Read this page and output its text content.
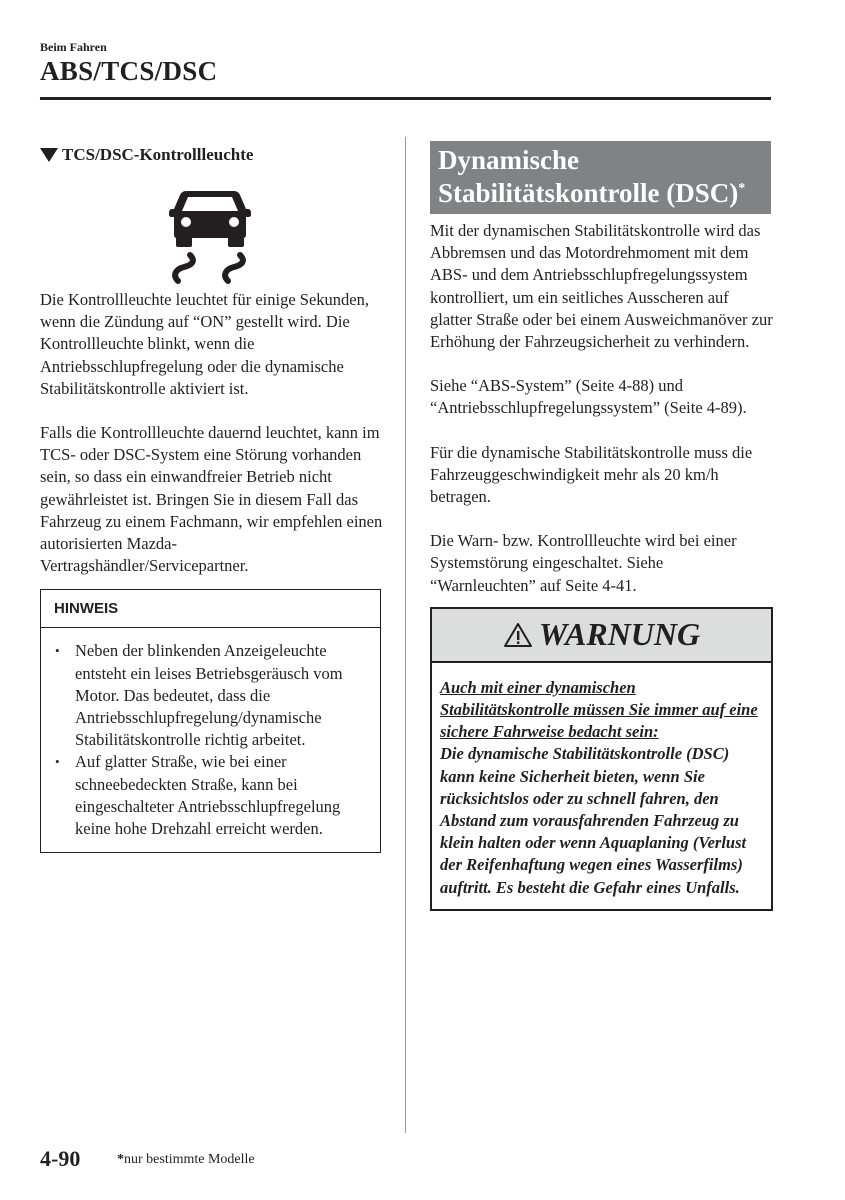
Beim Fahren
ABS/TCS/DSC
TCS/DSC-Kontrollleuchte

Die Kontrollleuchte leuchtet für einige Sekunden, wenn die Zündung auf “ON” gestellt wird. Die Kontrollleuchte blinkt, wenn die Antriebsschlupfregelung oder die dynamische Stabilitätskontrolle aktiviert ist.

Falls die Kontrollleuchte dauernd leuchtet, kann im TCS- oder DSC-System eine Störung vorhanden sein, so dass ein einwandfreier Betrieb nicht gewährleistet ist. Bringen Sie in diesem Fall das Fahrzeug zu einem Fachmann, wir empfehlen einen autorisierten Mazda-Vertragshändler/Servicepartner.

HINWEIS
• Neben der blinkenden Anzeigeleuchte entsteht ein leises Betriebsgeräusch vom Motor. Das bedeutet, dass die Antriebsschlupfregelung/dynamische Stabilitätskontrolle richtig arbeitet.
• Auf glatter Straße, wie bei einer schneebedeckten Straße, kann bei eingeschalteter Antriebsschlupfregelung keine hohe Drehzahl erreicht werden.
Dynamische Stabilitätskontrolle (DSC)*

Mit der dynamischen Stabilitätskontrolle wird das Abbremsen und das Motordrehmoment mit dem ABS- und dem Antriebsschlupfregelungssystem kontrolliert, um ein seitliches Ausscheren auf glatter Straße oder bei einem Ausweichmanöver zur Erhöhung der Fahrzeugsicherheit zu verhindern.

Siehe “ABS-System” (Seite 4-88) und “Antriebsschlupfregelungssystem” (Seite 4-89).

Für die dynamische Stabilitätskontrolle muss die Fahrzeuggeschwindigkeit mehr als 20 km/h betragen.

Die Warn- bzw. Kontrollleuchte wird bei einer Systemstörung eingeschaltet. Siehe “Warnleuchten” auf Seite 4-41.

WARNUNG
Auch mit einer dynamischen Stabilitätskontrolle müssen Sie immer auf eine sichere Fahrweise bedacht sein:
Die dynamische Stabilitätskontrolle (DSC) kann keine Sicherheit bieten, wenn Sie rücksichtslos oder zu schnell fahren, den Abstand zum vorausfahrenden Fahrzeug zu klein halten oder wenn Aquaplaning (Verlust der Reifenhaftung wegen eines Wasserfilms) auftritt. Es besteht die Gefahr eines Unfalls.
4-90	*nur bestimmte Modelle
